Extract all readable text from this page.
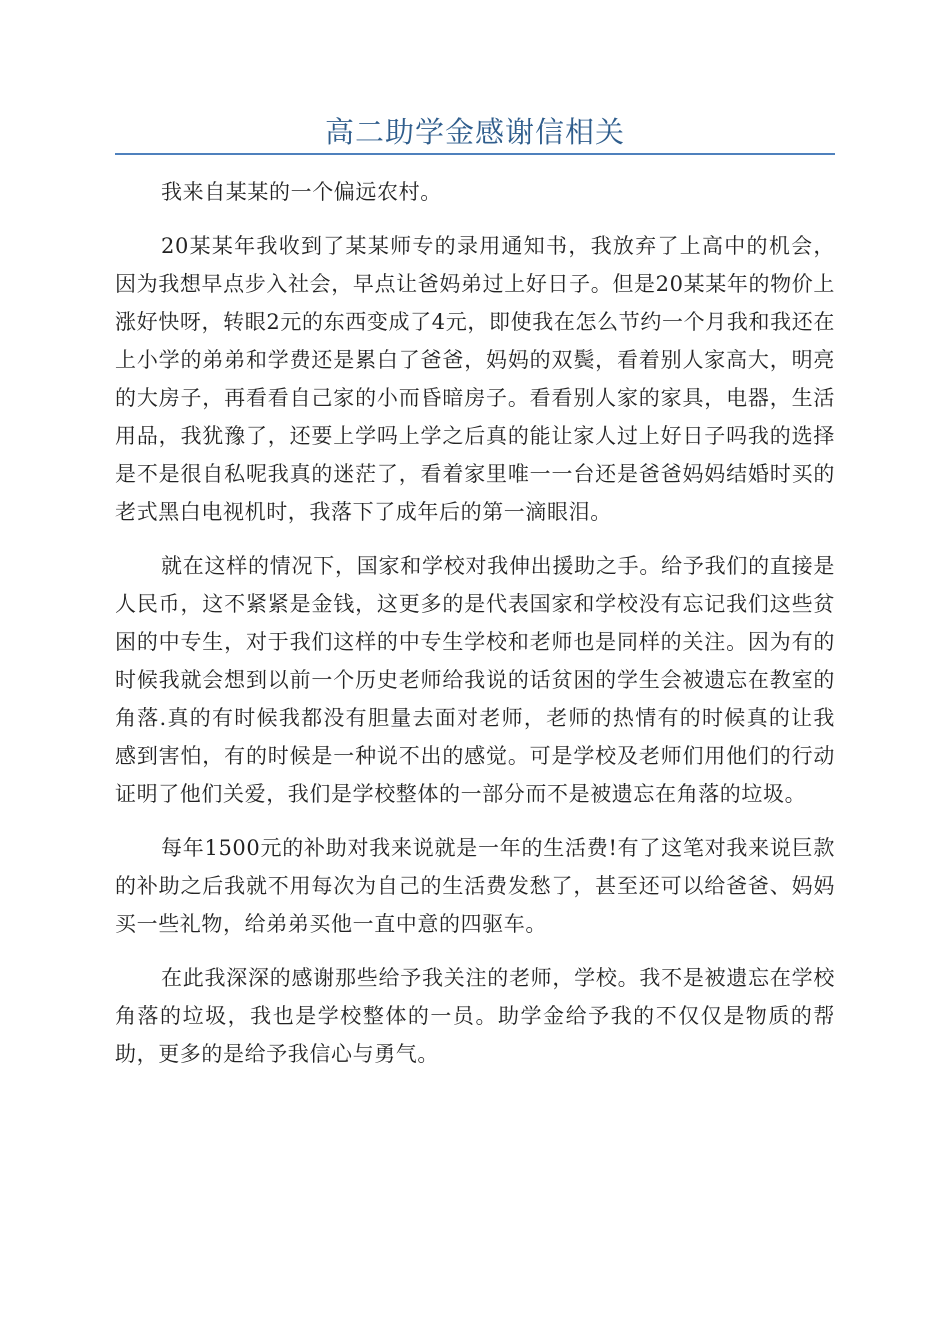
高二助学金感谢信相关

我来自某某的一个偏远农村。

20某某年我收到了某某师专的录用通知书，我放弃了上高中的机会，因为我想早点步入社会，早点让爸妈弟过上好日子。但是20某某年的物价上涨好快呀，转眼2元的东西变成了4元，即使我在怎么节约一个月我和我还在上小学的弟弟和学费还是累白了爸爸，妈妈的双鬓，看着别人家高大，明亮的大房子，再看看自己家的小而昏暗房子。看看别人家的家具，电器，生活用品，我犹豫了，还要上学吗上学之后真的能让家人过上好日子吗我的选择是不是很自私呢我真的迷茫了，看着家里唯一一台还是爸爸妈妈结婚时买的老式黑白电视机时，我落下了成年后的第一滴眼泪。

就在这样的情况下，国家和学校对我伸出援助之手。给予我们的直接是人民币，这不紧紧是金钱，这更多的是代表国家和学校没有忘记我们这些贫困的中专生，对于我们这样的中专生学校和老师也是同样的关注。因为有的时候我就会想到以前一个历史老师给我说的话贫困的学生会被遗忘在教室的角落.真的有时候我都没有胆量去面对老师，老师的热情有的时候真的让我感到害怕，有的时候是一种说不出的感觉。可是学校及老师们用他们的行动证明了他们关爱，我们是学校整体的一部分而不是被遗忘在角落的垃圾。

每年1500元的补助对我来说就是一年的生活费!有了这笔对我来说巨款的补助之后我就不用每次为自己的生活费发愁了，甚至还可以给爸爸、妈妈买一些礼物，给弟弟买他一直中意的四驱车。

在此我深深的感谢那些给予我关注的老师，学校。我不是被遗忘在学校角落的垃圾，我也是学校整体的一员。助学金给予我的不仅仅是物质的帮助，更多的是给予我信心与勇气。
